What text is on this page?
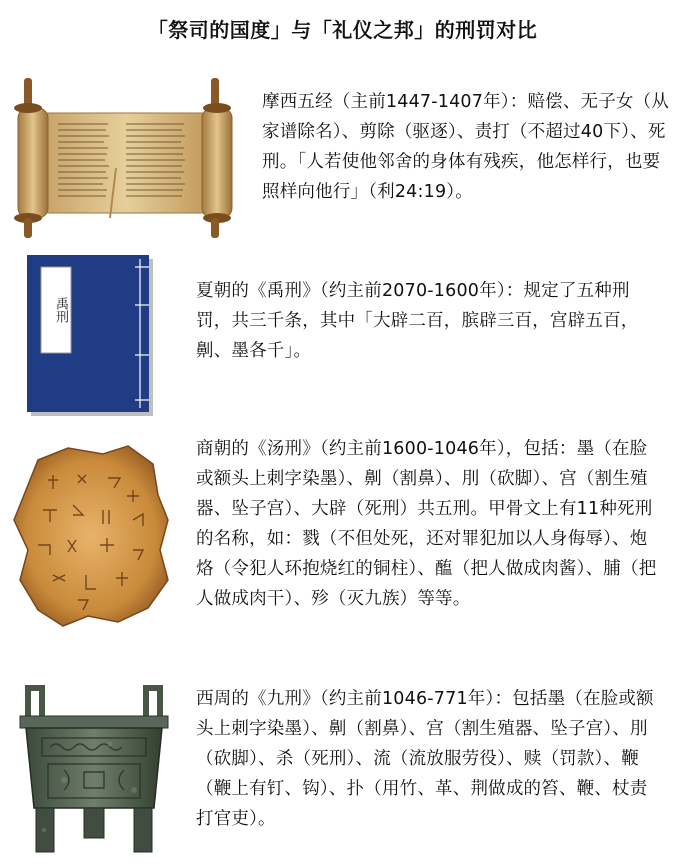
「祭司的国度」与「礼仪之邦」的刑罚对比
摩西五经（主前1447-1407年）：赔偿、无子女（从家谱除名）、剪除（驱逐）、责打（不超过40下）、死刑。「人若使他邻舍的身体有残疾，他怎样行，也要照样向他行」（利24:19）。
禹刑
夏朝的《禹刑》（约主前2070-1600年）：规定了五种刑罚，共三千条，其中「大辟二百，膑辟三百，宫辟五百，劓、墨各千」。
商朝的《汤刑》（约主前1600-1046年），包括：墨（在脸或额头上刺字染墨）、劓（割鼻）、刖（砍脚）、宫（割生殖器、坠子宫）、大辟（死刑）共五刑。甲骨文上有11种死刑的名称，如：戮（不但处死，还对罪犯加以人身侮辱）、炮烙（令犯人环抱烧红的铜柱）、醢（把人做成肉酱）、脯（把人做成肉干）、殄（灭九族）等等。
西周的《九刑》（约主前1046-771年）：包括墨（在脸或额头上刺字染墨）、劓（割鼻）、宫（割生殖器、坠子宫）、刖（砍脚）、杀（死刑）、流（流放服劳役）、赎（罚款）、鞭（鞭上有钉、钩）、扑（用竹、革、荆做成的笞、鞭、杖责打官吏）。
